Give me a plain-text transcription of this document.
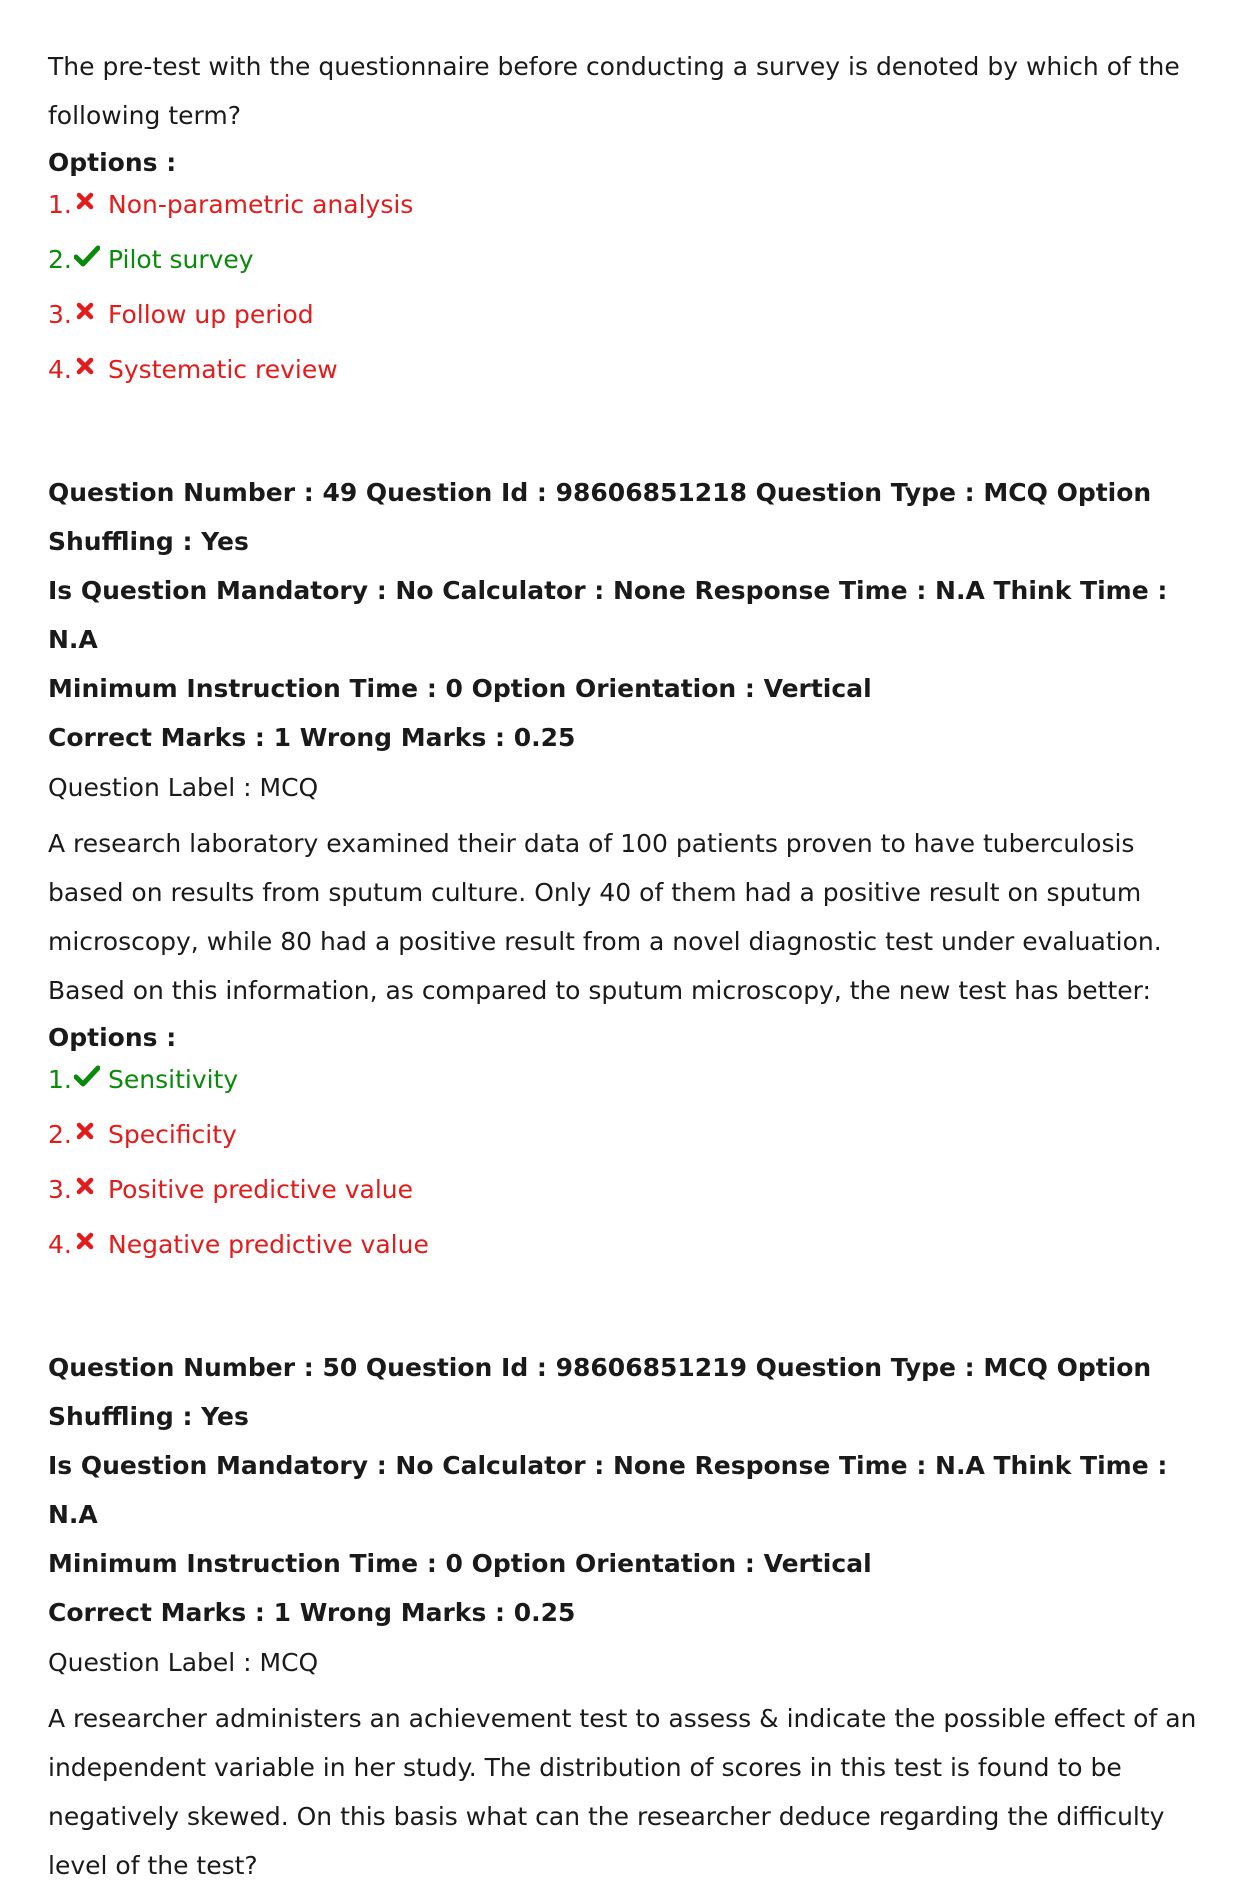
The pre-test with the questionnaire before conducting a survey is denoted by which of the following term?

Options :
1. Non-parametric analysis
2. Pilot survey
3. Follow up period
4. Systematic review

Question Number : 49 Question Id : 98606851218 Question Type : MCQ Option Shuffling : Yes

Is Question Mandatory : No Calculator : None Response Time : N.A Think Time : N.A

Minimum Instruction Time : 0 Option Orientation : Vertical

Correct Marks : 1 Wrong Marks : 0.25
Question Label : MCQ

A research laboratory examined their data of 100 patients proven to have tuberculosis based on results from sputum culture. Only 40 of them had a positive result on sputum microscopy, while 80 had a positive result from a novel diagnostic test under evaluation. Based on this information, as compared to sputum microscopy, the new test has better:

Options :
1. Sensitivity
2. Specificity
3. Positive predictive value
4. Negative predictive value

Question Number : 50 Question Id : 98606851219 Question Type : MCQ Option Shuffling : Yes

Is Question Mandatory : No Calculator : None Response Time : N.A Think Time : N.A

Minimum Instruction Time : 0 Option Orientation : Vertical

Correct Marks : 1 Wrong Marks : 0.25
Question Label : MCQ

A researcher administers an achievement test to assess & indicate the possible effect of an independent variable in her study. The distribution of scores in this test is found to be negatively skewed. On this basis what can the researcher deduce regarding the difficulty level of the test?
